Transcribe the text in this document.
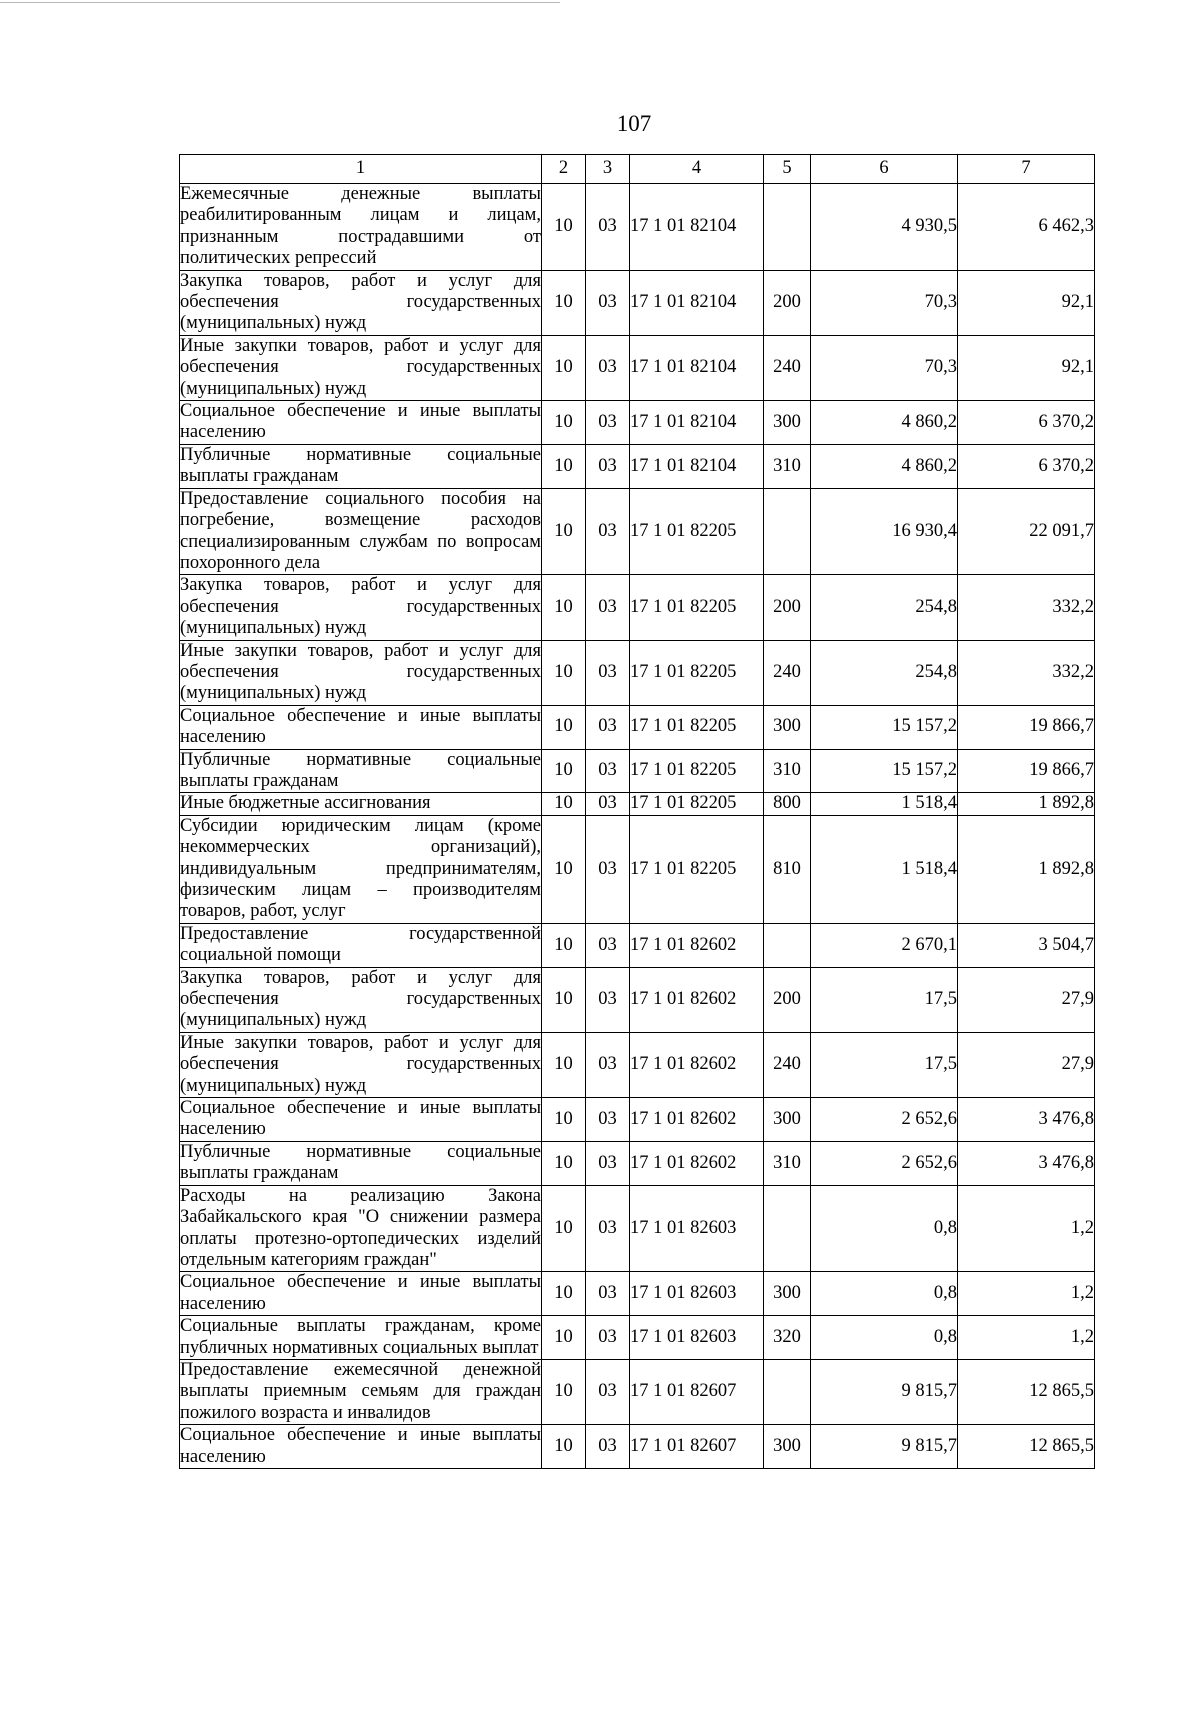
107
1	2	3	4	5	6	7
Ежемесячные денежные выплаты реабилитированным лицам и лицам, признанным пострадавшими от политических репрессий	10	03	17 1 01 82104		4 930,5	6 462,3
Закупка товаров, работ и услуг для обеспечения государственных (муниципальных) нужд	10	03	17 1 01 82104	200	70,3	92,1
Иные закупки товаров, работ и услуг для обеспечения государственных (муниципальных) нужд	10	03	17 1 01 82104	240	70,3	92,1
Социальное обеспечение и иные выплаты населению	10	03	17 1 01 82104	300	4 860,2	6 370,2
Публичные нормативные социальные выплаты гражданам	10	03	17 1 01 82104	310	4 860,2	6 370,2
Предоставление социального пособия на погребение, возмещение расходов специализированным службам по вопросам похоронного дела	10	03	17 1 01 82205		16 930,4	22 091,7
Закупка товаров, работ и услуг для обеспечения государственных (муниципальных) нужд	10	03	17 1 01 82205	200	254,8	332,2
Иные закупки товаров, работ и услуг для обеспечения государственных (муниципальных) нужд	10	03	17 1 01 82205	240	254,8	332,2
Социальное обеспечение и иные выплаты населению	10	03	17 1 01 82205	300	15 157,2	19 866,7
Публичные нормативные социальные выплаты гражданам	10	03	17 1 01 82205	310	15 157,2	19 866,7
Иные бюджетные ассигнования	10	03	17 1 01 82205	800	1 518,4	1 892,8
Субсидии юридическим лицам (кроме некоммерческих организаций), индивидуальным предпринимателям, физическим лицам – производителям товаров, работ, услуг	10	03	17 1 01 82205	810	1 518,4	1 892,8
Предоставление государственной социальной помощи	10	03	17 1 01 82602		2 670,1	3 504,7
Закупка товаров, работ и услуг для обеспечения государственных (муниципальных) нужд	10	03	17 1 01 82602	200	17,5	27,9
Иные закупки товаров, работ и услуг для обеспечения государственных (муниципальных) нужд	10	03	17 1 01 82602	240	17,5	27,9
Социальное обеспечение и иные выплаты населению	10	03	17 1 01 82602	300	2 652,6	3 476,8
Публичные нормативные социальные выплаты гражданам	10	03	17 1 01 82602	310	2 652,6	3 476,8
Расходы на реализацию Закона Забайкальского края "О снижении размера оплаты протезно-ортопедических изделий отдельным категориям граждан"	10	03	17 1 01 82603		0,8	1,2
Социальное обеспечение и иные выплаты населению	10	03	17 1 01 82603	300	0,8	1,2
Социальные выплаты гражданам, кроме публичных нормативных социальных выплат	10	03	17 1 01 82603	320	0,8	1,2
Предоставление ежемесячной денежной выплаты приемным семьям для граждан пожилого возраста и инвалидов	10	03	17 1 01 82607		9 815,7	12 865,5
Социальное обеспечение и иные выплаты населению	10	03	17 1 01 82607	300	9 815,7	12 865,5
